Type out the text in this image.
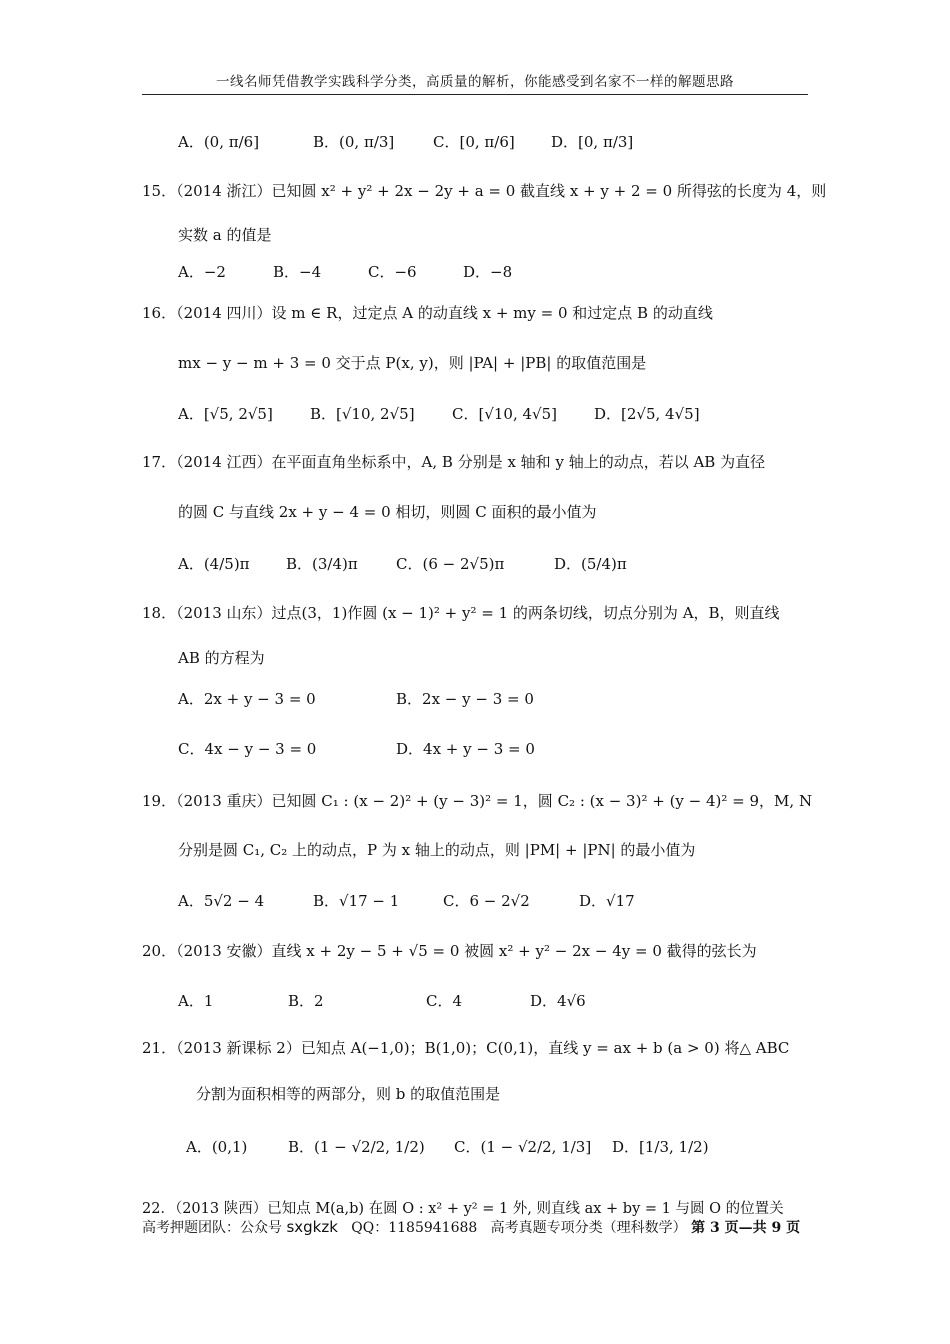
一线名师凭借教学实践科学分类，高质量的解析，你能感受到名家不一样的解题思路
A．(0, π/6]	B．(0, π/3]	C．[0, π/6] D．[0, π/3]
15．（2014 浙江）已知圆 x² + y² + 2x − 2y + a = 0 截直线 x + y + 2 = 0 所得弦的长度为 4，则
实数 a 的值是
A．−2	B．−4	C．−6	D．−8
16．（2014 四川）设 m ∈ R，过定点 A 的动直线 x + my = 0 和过定点 B 的动直线
mx − y − m + 3 = 0 交于点 P(x, y)，则 |PA| + |PB| 的取值范围是
A．[√5, 2√5] B．[√10, 2√5] C．[√10, 4√5] D．[2√5, 4√5]
17．（2014 江西）在平面直角坐标系中，A, B 分别是 x 轴和 y 轴上的动点，若以 AB 为直径
的圆 C 与直线 2x + y − 4 = 0 相切，则圆 C 面积的最小值为
A．(4/5)π B．(3/4)π	C．(6 − 2√5)π	D．(5/4)π
18．（2013 山东）过点(3，1)作圆 (x − 1)² + y² = 1 的两条切线，切点分别为 A，B，则直线
AB 的方程为
A．2x + y − 3 = 0	B．2x − y − 3 = 0
C．4x − y − 3 = 0	D．4x + y − 3 = 0
19．（2013 重庆）已知圆 C₁ : (x − 2)² + (y − 3)² = 1，圆 C₂ : (x − 3)² + (y − 4)² = 9，M, N
分别是圆 C₁, C₂ 上的动点，P 为 x 轴上的动点，则 |PM| + |PN| 的最小值为
A．5√2 − 4	B．√17 − 1	C．6 − 2√2	D．√17
20．（2013 安徽）直线 x + 2y − 5 + √5 = 0 被圆 x² + y² − 2x − 4y = 0 截得的弦长为
A．1	B．2	C．4	D．4√6
21．（2013 新课标 2）已知点 A(−1,0)；B(1,0)；C(0,1)，直线 y = ax + b (a > 0) 将△ ABC
分割为面积相等的两部分，则 b 的取值范围是
A．(0,1)	B．(1 − √2/2, 1/2) C．(1 − √2/2, 1/3] D．[1/3, 1/2)
22．（2013 陕西）已知点 M(a,b) 在圆 O : x² + y² = 1 外, 则直线 ax + by = 1 与圆 O 的位置关
高考押题团队：公众号 sxgkzk QQ：1185941688 高考真题专项分类（理科数学） 第 3 页—共 9 页
